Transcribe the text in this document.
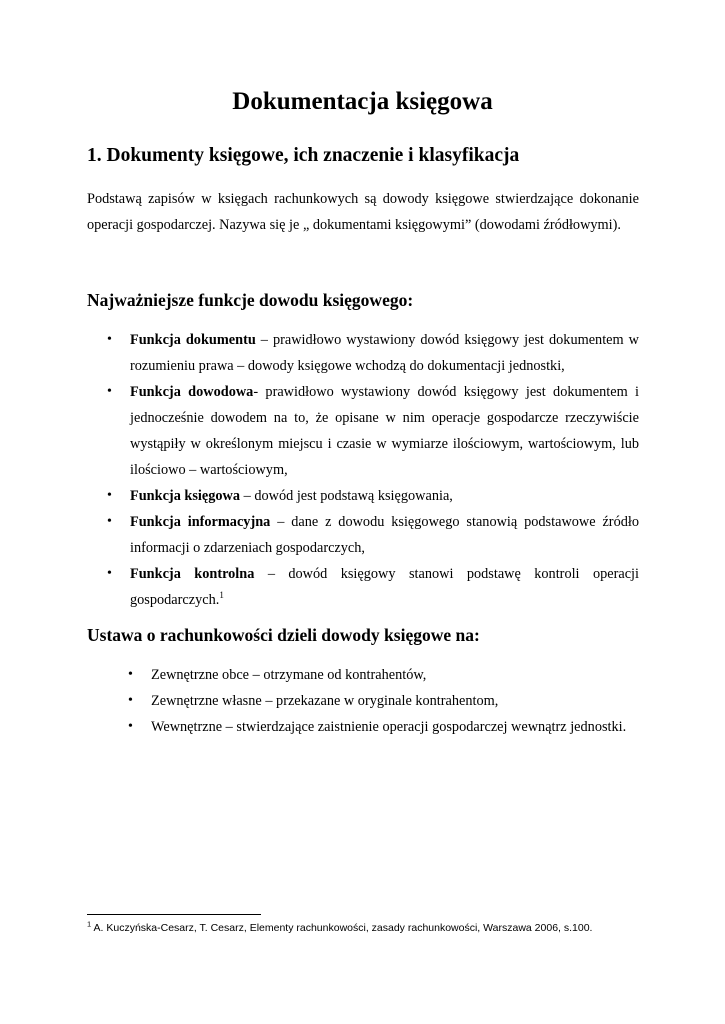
Dokumentacja księgowa
1. Dokumenty księgowe, ich znaczenie i klasyfikacja

Podstawą zapisów w księgach rachunkowych są dowody księgowe stwierdzające dokonanie operacji gospodarczej. Nazywa się je „ dokumentami księgowymi” (dowodami źródłowymi).

Najważniejsze funkcje dowodu księgowego:
• Funkcja dokumentu – prawidłowo wystawiony dowód księgowy jest dokumentem w rozumieniu prawa – dowody księgowe wchodzą do dokumentacji jednostki,
• Funkcja dowodowa- prawidłowo wystawiony dowód księgowy jest dokumentem i jednocześnie dowodem na to, że opisane w nim operacje gospodarcze rzeczywiście wystąpiły w określonym miejscu i czasie w wymiarze ilościowym, wartościowym, lub ilościowo – wartościowym,
• Funkcja księgowa – dowód jest podstawą księgowania,
• Funkcja informacyjna – dane z dowodu księgowego stanowią podstawowe źródło informacji o zdarzeniach gospodarczych,
• Funkcja kontrolna – dowód księgowy stanowi podstawę kontroli operacji gospodarczych.$^1$
Ustawa o rachunkowości dzieli dowody księgowe na:
• Zewnętrzne obce – otrzymane od kontrahentów,
• Zewnętrzne własne – przekazane w oryginale kontrahentom,
• Wewnętrzne – stwierdzające zaistnienie operacji gospodarczej wewnątrz jednostki.

$^1$ A. Kuczyńska-Cesarz, T. Cesarz, Elementy rachunkowości, zasady rachunkowości, Warszawa 2006, s.100.
